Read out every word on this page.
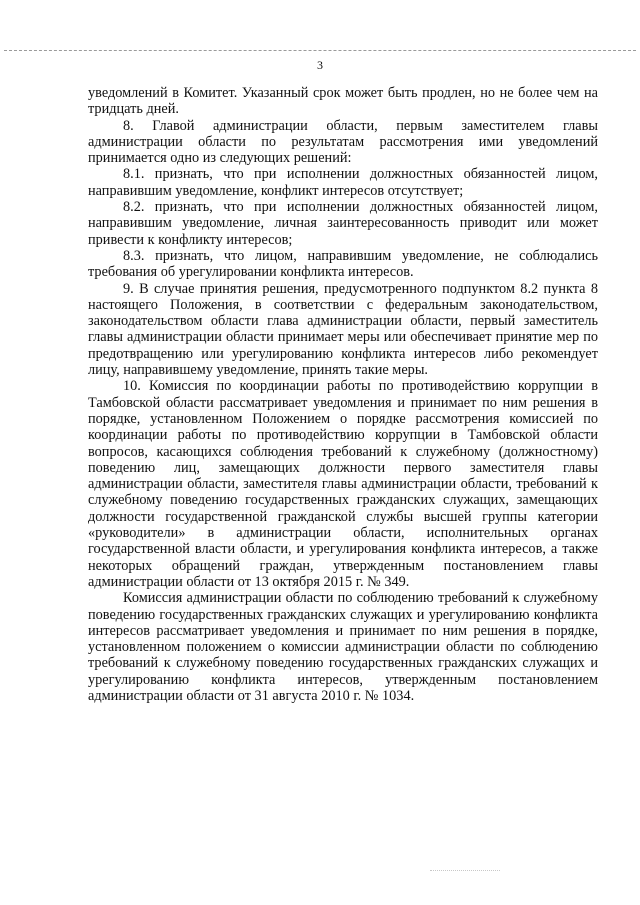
3

уведомлений в Комитет. Указанный срок может быть продлен, но не более чем на тридцать дней.

8. Главой администрации области, первым заместителем главы администрации области по результатам рассмотрения ими уведомлений принимается одно из следующих решений:

8.1. признать, что при исполнении должностных обязанностей лицом, направившим уведомление, конфликт интересов отсутствует;

8.2. признать, что при исполнении должностных обязанностей лицом, направившим уведомление, личная заинтересованность приводит или может привести к конфликту интересов;

8.3. признать, что лицом, направившим уведомление, не соблюдались требования об урегулировании конфликта интересов.

9. В случае принятия решения, предусмотренного подпунктом 8.2 пункта 8 настоящего Положения, в соответствии с федеральным законодательством, законодательством области глава администрации области, первый заместитель главы администрации области принимает меры или обеспечивает принятие мер по предотвращению или урегулированию конфликта интересов либо рекомендует лицу, направившему уведомление, принять такие меры.

10. Комиссия по координации работы по противодействию коррупции в Тамбовской области рассматривает уведомления и принимает по ним решения в порядке, установленном Положением о порядке рассмотрения комиссией по координации работы по противодействию коррупции в Тамбовской области вопросов, касающихся соблюдения требований к служебному (должностному) поведению лиц, замещающих должности первого заместителя главы администрации области, заместителя главы администрации области, требований к служебному поведению государственных гражданских служащих, замещающих должности государственной гражданской службы высшей группы категории «руководители» в администрации области, исполнительных органах государственной власти области, и урегулирования конфликта интересов, а также некоторых обращений граждан, утвержденным постановлением главы администрации области от 13 октября 2015 г. № 349.

Комиссия администрации области по соблюдению требований к служебному поведению государственных гражданских служащих и урегулированию конфликта интересов рассматривает уведомления и принимает по ним решения в порядке, установленном положением о комиссии администрации области по соблюдению требований к служебному поведению государственных гражданских служащих и урегулированию конфликта интересов, утвержденным постановлением администрации области от 31 августа 2010 г. № 1034.
